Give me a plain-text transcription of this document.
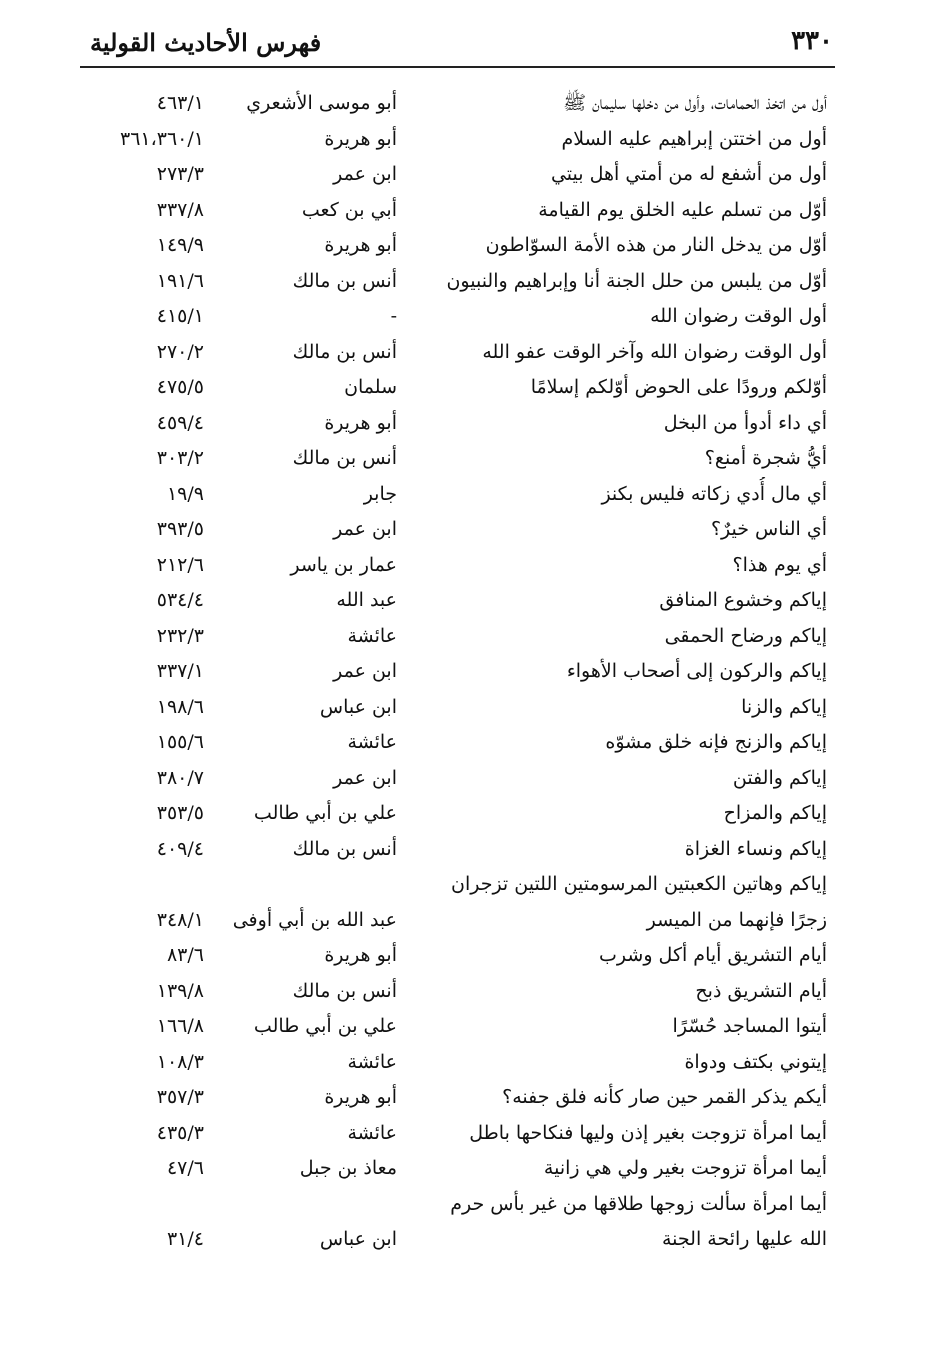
فهرس الأحاديث القولية	٣٣٠
أول من اتخذ الحمامات، وأول من دخلها سليمان ﷺ
أبو موسى الأشعري
٤٦٣/١
أول من اختتن إبراهيم عليه السلام
أبو هريرة
٣٦١،٣٦٠/١
أول من أشفع له من أمتي أهل بيتي
ابن عمر
٢٧٣/٣
أوّل من تسلم عليه الخلق يوم القيامة
أبي بن كعب
٣٣٧/٨
أوّل من يدخل النار من هذه الأمة السوّاطون
أبو هريرة
١٤٩/٩
أوّل من يلبس من حلل الجنة أنا وإبراهيم والنبيون
أنس بن مالك
١٩١/٦
أول الوقت رضوان الله
-
٤١٥/١
أول الوقت رضوان الله وآخر الوقت عفو الله
أنس بن مالك
٢٧٠/٢
أوّلكم ورودًا على الحوض أوّلكم إسلامًا
سلمان
٤٧٥/٥
أي داء أدوأ من البخل
أبو هريرة
٤٥٩/٤
أيُّ شجرة أمنع؟
أنس بن مالك
٣٠٣/٢
أي مال أُدي زكاته فليس بكنز
جابر
١٩/٩
أي الناس خيرٌ؟
ابن عمر
٣٩٣/٥
أي يوم هذا؟
عمار بن ياسر
٢١٢/٦
إياكم وخشوع المنافق
عبد الله
٥٣٤/٤
إياكم ورضاح الحمقى
عائشة
٢٣٢/٣
إياكم والركون إلى أصحاب الأهواء
ابن عمر
٣٣٧/١
إياكم والزنا
ابن عباس
١٩٨/٦
إياكم والزنج فإنه خلق مشوّه
عائشة
١٥٥/٦
إياكم والفتن
ابن عمر
٣٨٠/٧
إياكم والمزاح
علي بن أبي طالب
٣٥٣/٥
إياكم ونساء الغزاة
أنس بن مالك
٤٠٩/٤
إياكم وهاتين الكعبتين المرسومتين اللتين تزجران
زجرًا فإنهما من الميسر
عبد الله بن أبي أوفى
٣٤٨/١
أيام التشريق أيام أكل وشرب
أبو هريرة
٨٣/٦
أيام التشريق ذبح
أنس بن مالك
١٣٩/٨
أيتوا المساجد حُسّرًا
علي بن أبي طالب
١٦٦/٨
إيتوني بكتف ودواة
عائشة
١٠٨/٣
أيكم يذكر القمر حين صار كأنه فلق جفنه؟
أبو هريرة
٣٥٧/٣
أيما امرأة تزوجت بغير إذن وليها فنكاحها باطل
عائشة
٤٣٥/٣
أيما امرأة تزوجت بغير ولي هي زانية
معاذ بن جبل
٤٧/٦
أيما امرأة سألت زوجها طلاقها من غير بأس حرم
الله عليها رائحة الجنة
ابن عباس
٣١/٤
